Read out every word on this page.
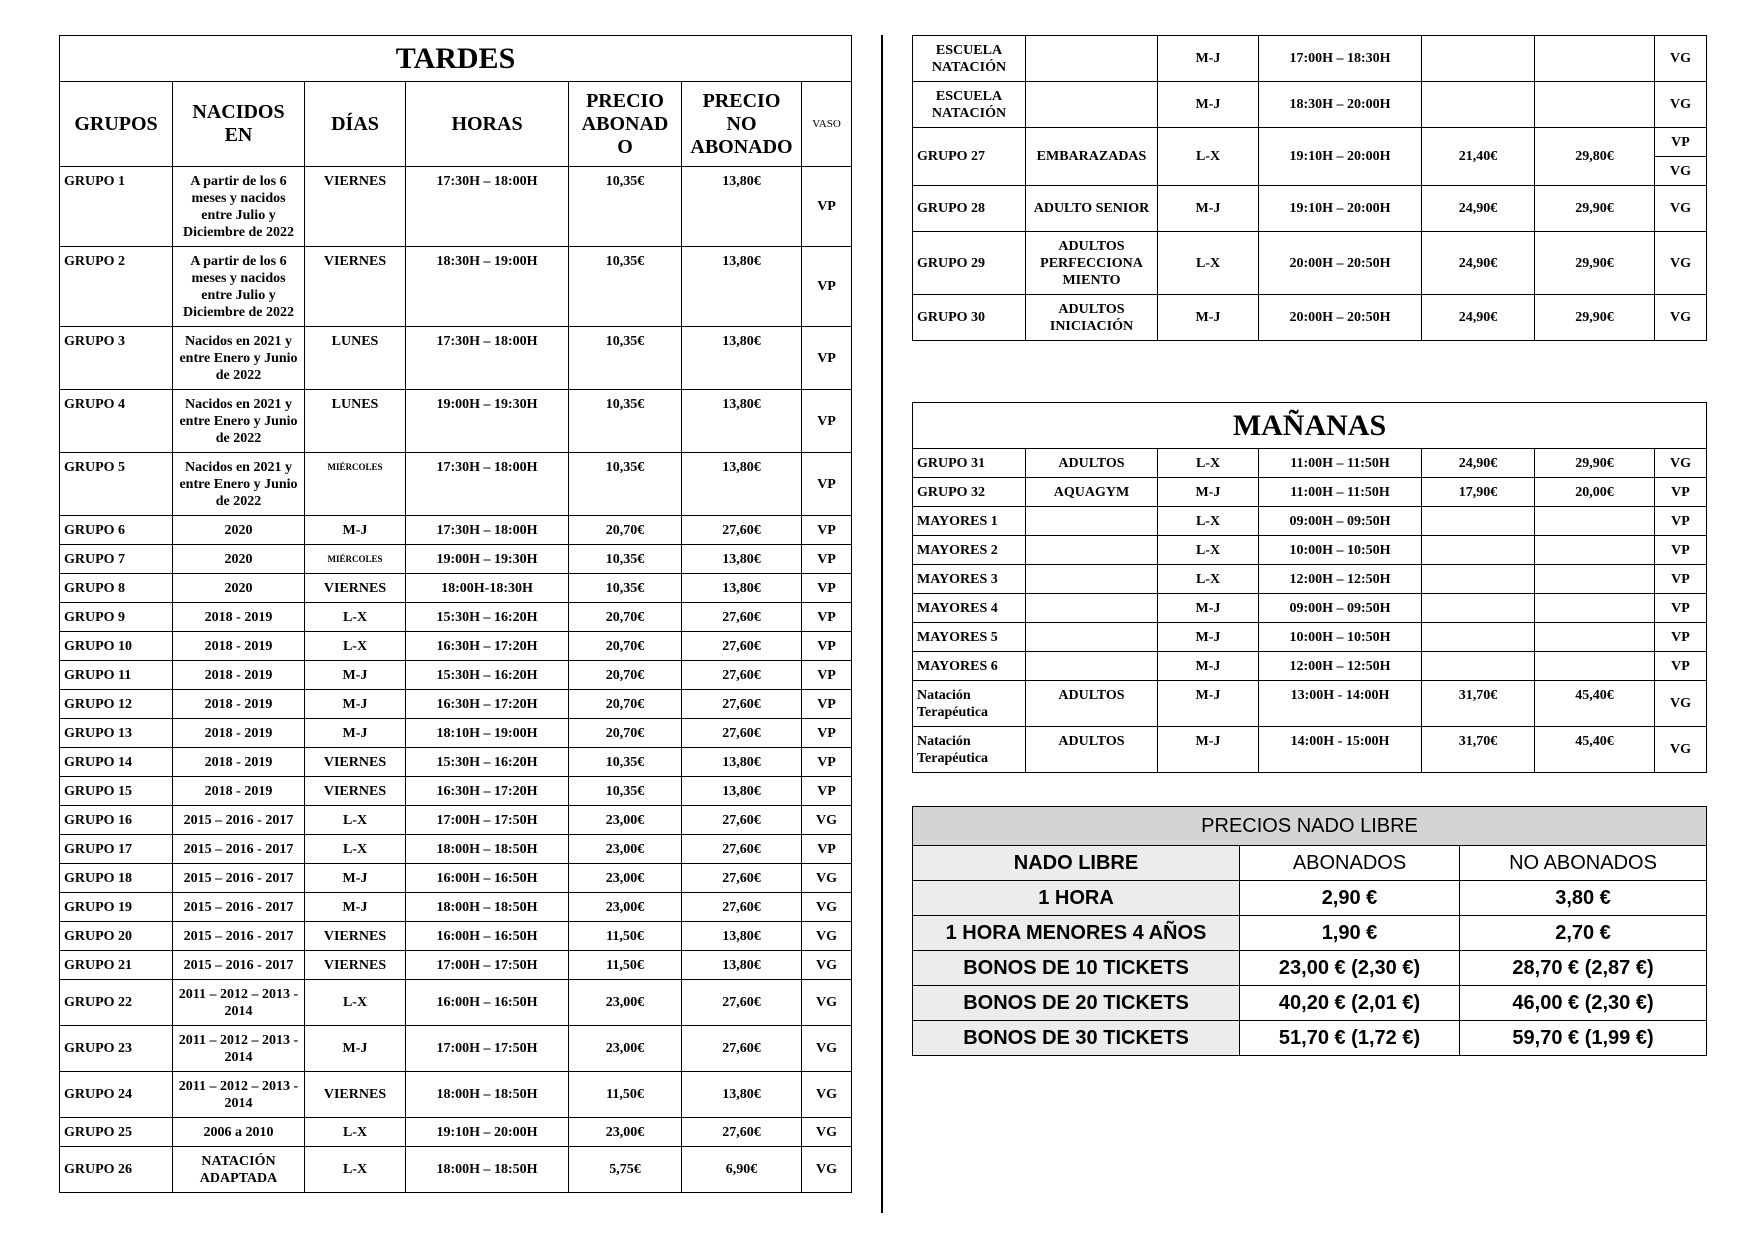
TARDES						
GRUPOS	NACIDOS EN	DÍAS	HORAS	PRECIO ABONAD O	PRECIO NO ABONADO	VASO
GRUPO 1	A partir de los 6 meses y nacidos entre Julio y Diciembre de 2022	VIERNES	17:30H – 18:00H	10,35€	13,80€	VP
GRUPO 2	A partir de los 6 meses y nacidos entre Julio y Diciembre de 2022	VIERNES	18:30H – 19:00H	10,35€	13,80€	VP
GRUPO 3	Nacidos en 2021 y entre Enero y Junio de 2022	LUNES	17:30H – 18:00H	10,35€	13,80€	VP
GRUPO 4	Nacidos en 2021 y entre Enero y Junio de 2022	LUNES	19:00H – 19:30H	10,35€	13,80€	VP
GRUPO 5	Nacidos en 2021 y entre Enero y Junio de 2022	MIÉRCOLES	17:30H – 18:00H	10,35€	13,80€	VP
GRUPO 6	2020	M-J	17:30H – 18:00H	20,70€	27,60€	VP
GRUPO 7	2020	MIÉRCOLES	19:00H – 19:30H	10,35€	13,80€	VP
GRUPO 8	2020	VIERNES	18:00H-18:30H	10,35€	13,80€	VP
GRUPO 9	2018 - 2019	L-X	15:30H – 16:20H	20,70€	27,60€	VP
GRUPO 10	2018 - 2019	L-X	16:30H – 17:20H	20,70€	27,60€	VP
GRUPO 11	2018 - 2019	M-J	15:30H – 16:20H	20,70€	27,60€	VP
GRUPO 12	2018 - 2019	M-J	16:30H – 17:20H	20,70€	27,60€	VP
GRUPO 13	2018 - 2019	M-J	18:10H – 19:00H	20,70€	27,60€	VP
GRUPO 14	2018 - 2019	VIERNES	15:30H – 16:20H	10,35€	13,80€	VP
GRUPO 15	2018 - 2019	VIERNES	16:30H – 17:20H	10,35€	13,80€	VP
GRUPO 16	2015 – 2016 - 2017	L-X	17:00H – 17:50H	23,00€	27,60€	VG
GRUPO 17	2015 – 2016 - 2017	L-X	18:00H – 18:50H	23,00€	27,60€	VP
GRUPO 18	2015 – 2016 - 2017	M-J	16:00H – 16:50H	23,00€	27,60€	VG
GRUPO 19	2015 – 2016 - 2017	M-J	18:00H – 18:50H	23,00€	27,60€	VG
GRUPO 20	2015 – 2016 - 2017	VIERNES	16:00H – 16:50H	11,50€	13,80€	VG
GRUPO 21	2015 – 2016 - 2017	VIERNES	17:00H – 17:50H	11,50€	13,80€	VG
GRUPO 22	2011 – 2012 – 2013 - 2014	L-X	16:00H – 16:50H	23,00€	27,60€	VG
GRUPO 23	2011 – 2012 – 2013 - 2014	M-J	17:00H – 17:50H	23,00€	27,60€	VG
GRUPO 24	2011 – 2012 – 2013 - 2014	VIERNES	18:00H – 18:50H	11,50€	13,80€	VG
GRUPO 25	2006 a 2010	L-X	19:10H – 20:00H	23,00€	27,60€	VG
GRUPO 26	NATACIÓN ADAPTADA	L-X	18:00H – 18:50H	5,75€	6,90€	VG
ESCUELA NATACIÓN		M-J	17:00H – 18:30H			VG
ESCUELA NATACIÓN		M-J	18:30H – 20:00H			VG
GRUPO 27	EMBARAZADAS	L-X	19:10H – 20:00H	21,40€	29,80€	VP
						VG
GRUPO 28	ADULTO SENIOR	M-J	19:10H – 20:00H	24,90€	29,90€	VG
GRUPO 29	ADULTOS PERFECCIONA MIENTO	L-X	20:00H – 20:50H	24,90€	29,90€	VG
GRUPO 30	ADULTOS INICIACIÓN	M-J	20:00H – 20:50H	24,90€	29,90€	VG
MAÑANAS						
GRUPO 31	ADULTOS	L-X	11:00H – 11:50H	24,90€	29,90€	VG
GRUPO 32	AQUAGYM	M-J	11:00H – 11:50H	17,90€	20,00€	VP
MAYORES 1		L-X	09:00H – 09:50H			VP
MAYORES 2		L-X	10:00H – 10:50H			VP
MAYORES 3		L-X	12:00H – 12:50H			VP
MAYORES 4		M-J	09:00H – 09:50H			VP
MAYORES 5		M-J	10:00H – 10:50H			VP
MAYORES 6		M-J	12:00H – 12:50H			VP
Natación Terapéutica	ADULTOS	M-J	13:00H - 14:00H	31,70€	45,40€	VG
Natación Terapéutica	ADULTOS	M-J	14:00H - 15:00H	31,70€	45,40€	VG
PRECIOS NADO LIBRE		
NADO LIBRE	ABONADOS	NO ABONADOS
1 HORA	2,90 €	3,80 €
1 HORA MENORES 4 AÑOS	1,90 €	2,70 €
BONOS DE 10 TICKETS	23,00 € (2,30 €)	28,70 € (2,87 €)
BONOS DE 20 TICKETS	40,20 € (2,01 €)	46,00 € (2,30 €)
BONOS DE 30 TICKETS	51,70 € (1,72 €)	59,70 € (1,99 €)
